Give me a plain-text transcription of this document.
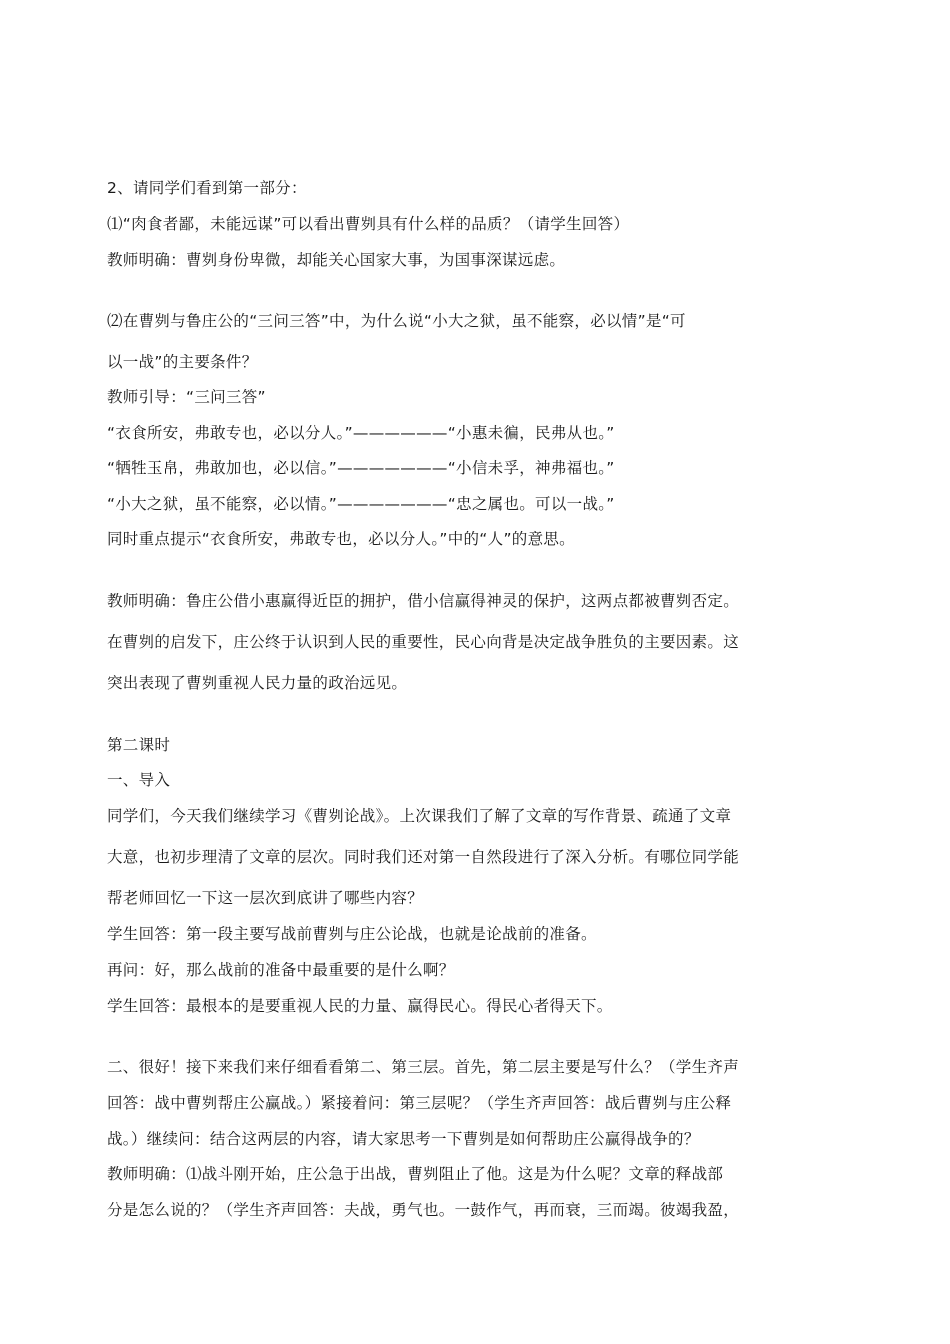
2、请同学们看到第一部分：
⑴“肉食者鄙，未能远谋”可以看出曹刿具有什么样的品质？（请学生回答）
教师明确：曹刿身份卑微，却能关心国家大事，为国事深谋远虑。
⑵在曹刿与鲁庄公的“三问三答”中，为什么说“小大之狱，虽不能察，必以情”是“可
以一战”的主要条件？
教师引导：“三问三答”
“衣食所安，弗敢专也，必以分人。”——————“小惠未徧，民弗从也。”
“牺牲玉帛，弗敢加也，必以信。”———————“小信未孚，神弗福也。”
“小大之狱，虽不能察，必以情。”———————“忠之属也。可以一战。”
同时重点提示“衣食所安，弗敢专也，必以分人。”中的“人”的意思。
教师明确：鲁庄公借小惠赢得近臣的拥护，借小信赢得神灵的保护，这两点都被曹刿否定。
在曹刿的启发下，庄公终于认识到人民的重要性，民心向背是决定战争胜负的主要因素。这
突出表现了曹刿重视人民力量的政治远见。
第二课时
一、导入
同学们，今天我们继续学习《曹刿论战》。上次课我们了解了文章的写作背景、疏通了文章
大意，也初步理清了文章的层次。同时我们还对第一自然段进行了深入分析。有哪位同学能
帮老师回忆一下这一层次到底讲了哪些内容？
学生回答：第一段主要写战前曹刿与庄公论战，也就是论战前的准备。
再问：好，那么战前的准备中最重要的是什么啊？
学生回答：最根本的是要重视人民的力量、赢得民心。得民心者得天下。
二、很好！接下来我们来仔细看看第二、第三层。首先，第二层主要是写什么？（学生齐声
回答：战中曹刿帮庄公赢战。）紧接着问：第三层呢？（学生齐声回答：战后曹刿与庄公释
战。）继续问：结合这两层的内容，请大家思考一下曹刿是如何帮助庄公赢得战争的？
教师明确：⑴战斗刚开始，庄公急于出战，曹刿阻止了他。这是为什么呢？文章的释战部
分是怎么说的？（学生齐声回答：夫战，勇气也。一鼓作气，再而衰，三而竭。彼竭我盈，
